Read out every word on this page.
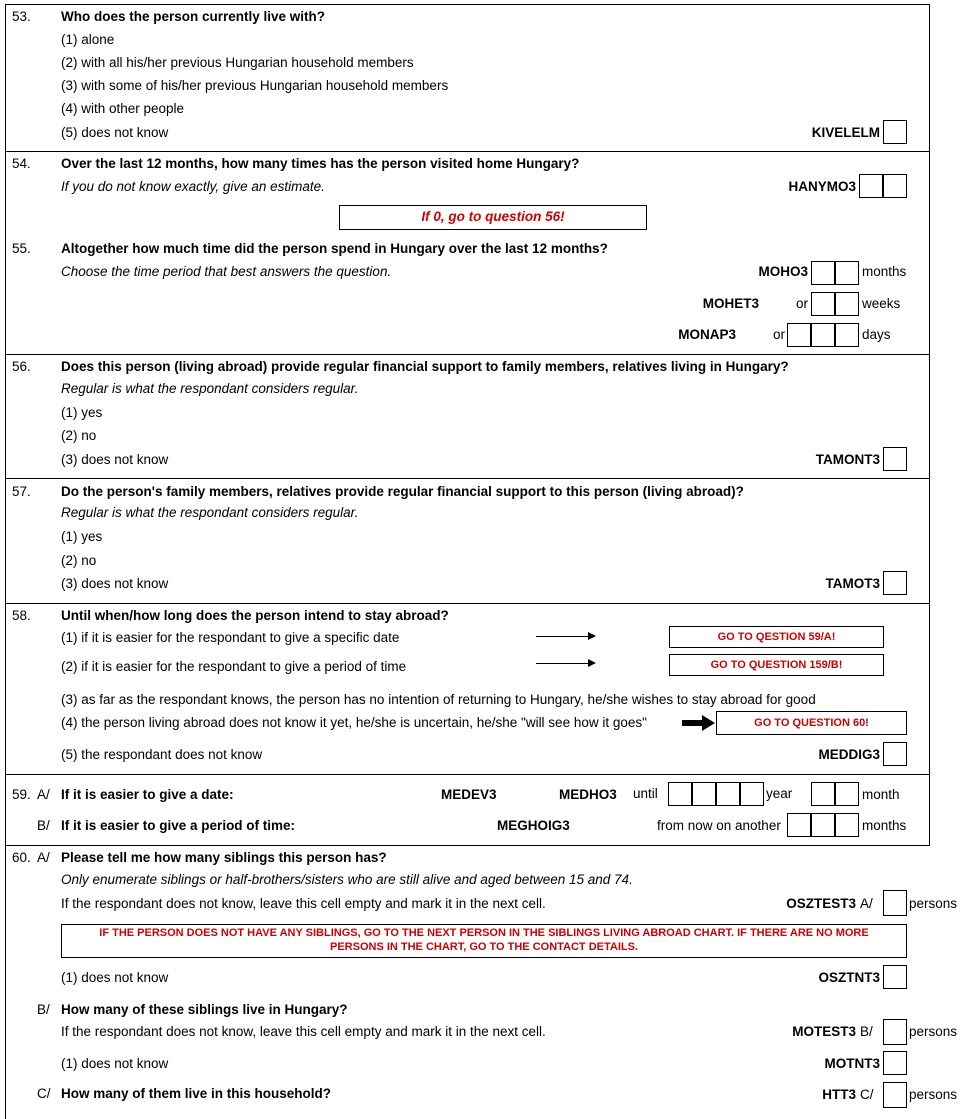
53. Who does the person currently live with?
(1) alone
(2) with all his/her previous Hungarian household members
(3) with some of his/her previous Hungarian household members
(4) with other people
(5) does not know	KIVELELM
54. Over the last 12 months, how many times has the person visited home Hungary?
If you do not know exactly, give an estimate.	HANYMO3
If 0, go to question 56!
55. Altogether how much time did the person spend in Hungary over the last 12 months?
Choose the time period that best answers the question.	MOHO3	months
MOHET3	or	weeks
MONAP3	or	days
56. Does this person (living abroad) provide regular financial support to family members, relatives living in Hungary?
Regular is what the respondant considers regular.
(1) yes
(2) no
(3) does not know	TAMONT3
57. Do the person's family members, relatives provide regular financial support to this person (living abroad)?
Regular is what the respondant considers regular.
(1) yes
(2) no
(3) does not know	TAMOT3
58. Until when/how long does the person intend to stay abroad?
(1) if it is easier for the respondant to give a specific date	GO TO QESTION 59/A!
(2) if it is easier for the respondant to give a period of time	GO TO QUESTION 159/B!
(3) as far as the respondant knows, the person has no intention of returning to Hungary, he/she wishes to stay abroad for good
(4) the person living abroad does not know it yet, he/she is uncertain, he/she "will see how it goes"	GO TO QUESTION 60!
(5) the respondant does not know	MEDDIG3
59. A/ If it is easier to give a date:	MEDEV3	MEDHO3 until	year	month
B/ If it is easier to give a period of time:	MEGHOIG3	from now on another	months
60. A/ Please tell me how many siblings this person has?
Only enumerate siblings or half-brothers/sisters who are still alive and aged between 15 and 74.
If the respondant does not know, leave this cell empty and mark it in the next cell.	OSZTEST3 A/	persons
IF THE PERSON DOES NOT HAVE ANY SIBLINGS, GO TO THE NEXT PERSON IN THE SIBLINGS LIVING ABROAD CHART. IF THERE ARE NO MORE
PERSONS IN THE CHART, GO TO THE CONTACT DETAILS.
(1) does not know	OSZTNT3
B/ How many of these siblings live in Hungary?
If the respondant does not know, leave this cell empty and mark it in the next cell.	MOTEST3 B/	persons
(1) does not know	MOTNT3
C/ How many of them live in this household?	HTT3 C/	persons
